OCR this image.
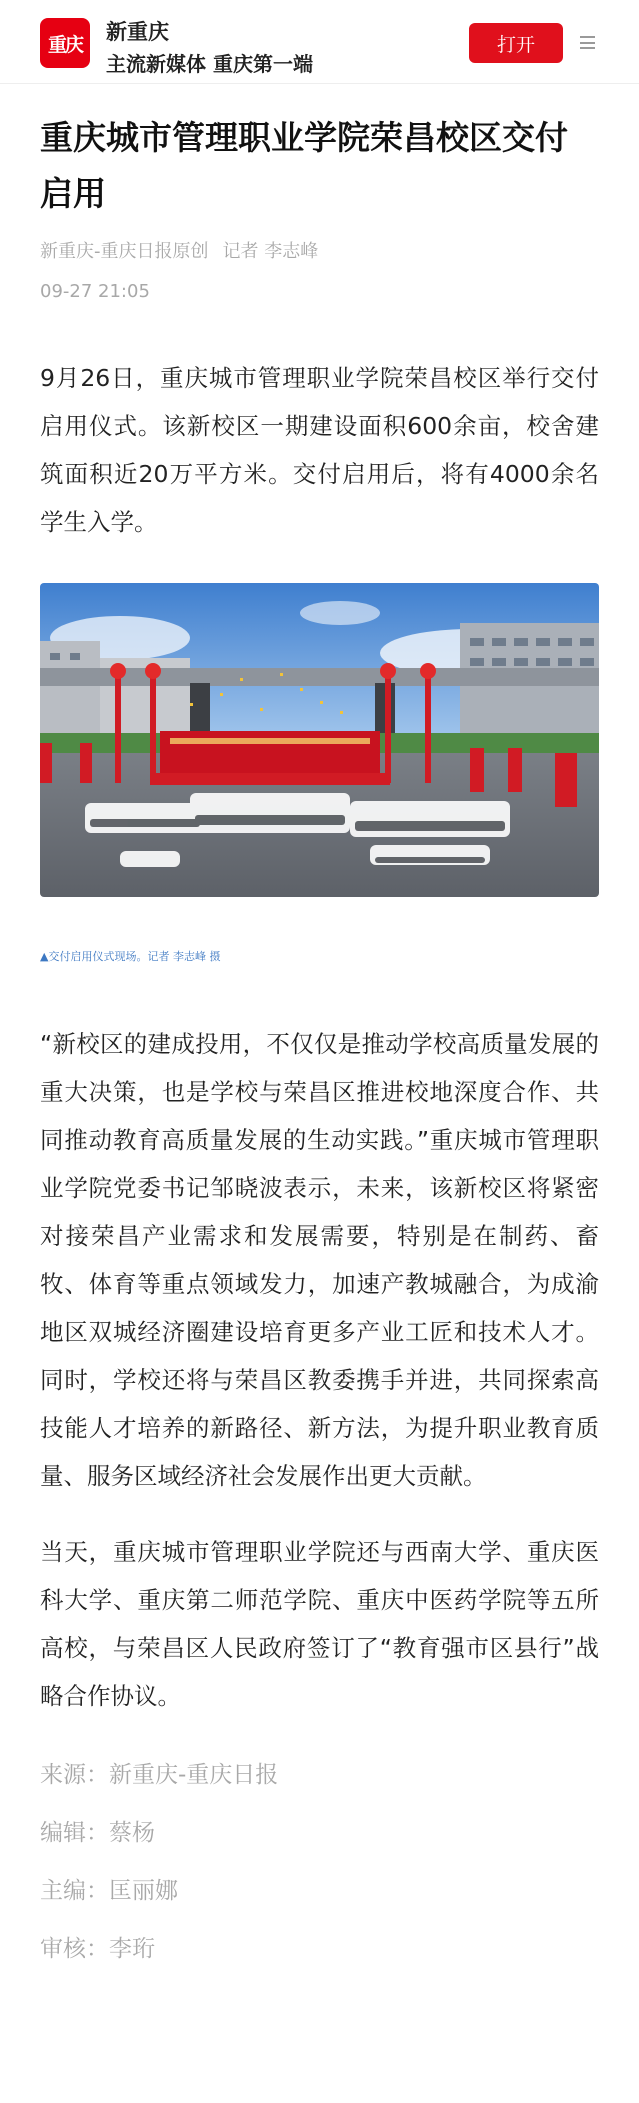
重庆
新重庆
主流新媒体 重庆第一端
打开
重庆城市管理职业学院荣昌校区交付启用
新重庆-重庆日报原创 记者 李志峰
09-27 21:05

9月26日，重庆城市管理职业学院荣昌校区举行交付启用仪式。该新校区一期建设面积600余亩，校舍建筑面积近20万平方米。交付启用后，将有4000余名学生入学。

▲交付启用仪式现场。记者 李志峰 摄

“新校区的建成投用，不仅仅是推动学校高质量发展的重大决策，也是学校与荣昌区推进校地深度合作、共同推动教育高质量发展的生动实践。”重庆城市管理职业学院党委书记邹晓波表示，未来，该新校区将紧密对接荣昌产业需求和发展需要，特别是在制药、畜牧、体育等重点领域发力，加速产教城融合，为成渝地区双城经济圈建设培育更多产业工匠和技术人才。同时，学校还将与荣昌区教委携手并进，共同探索高技能人才培养的新路径、新方法，为提升职业教育质量、服务区域经济社会发展作出更大贡献。

当天，重庆城市管理职业学院还与西南大学、重庆医科大学、重庆第二师范学院、重庆中医药学院等五所高校，与荣昌区人民政府签订了“教育强市区县行”战略合作协议。

来源：新重庆-重庆日报
编辑：蔡杨
主编：匡丽娜
审核：李珩
